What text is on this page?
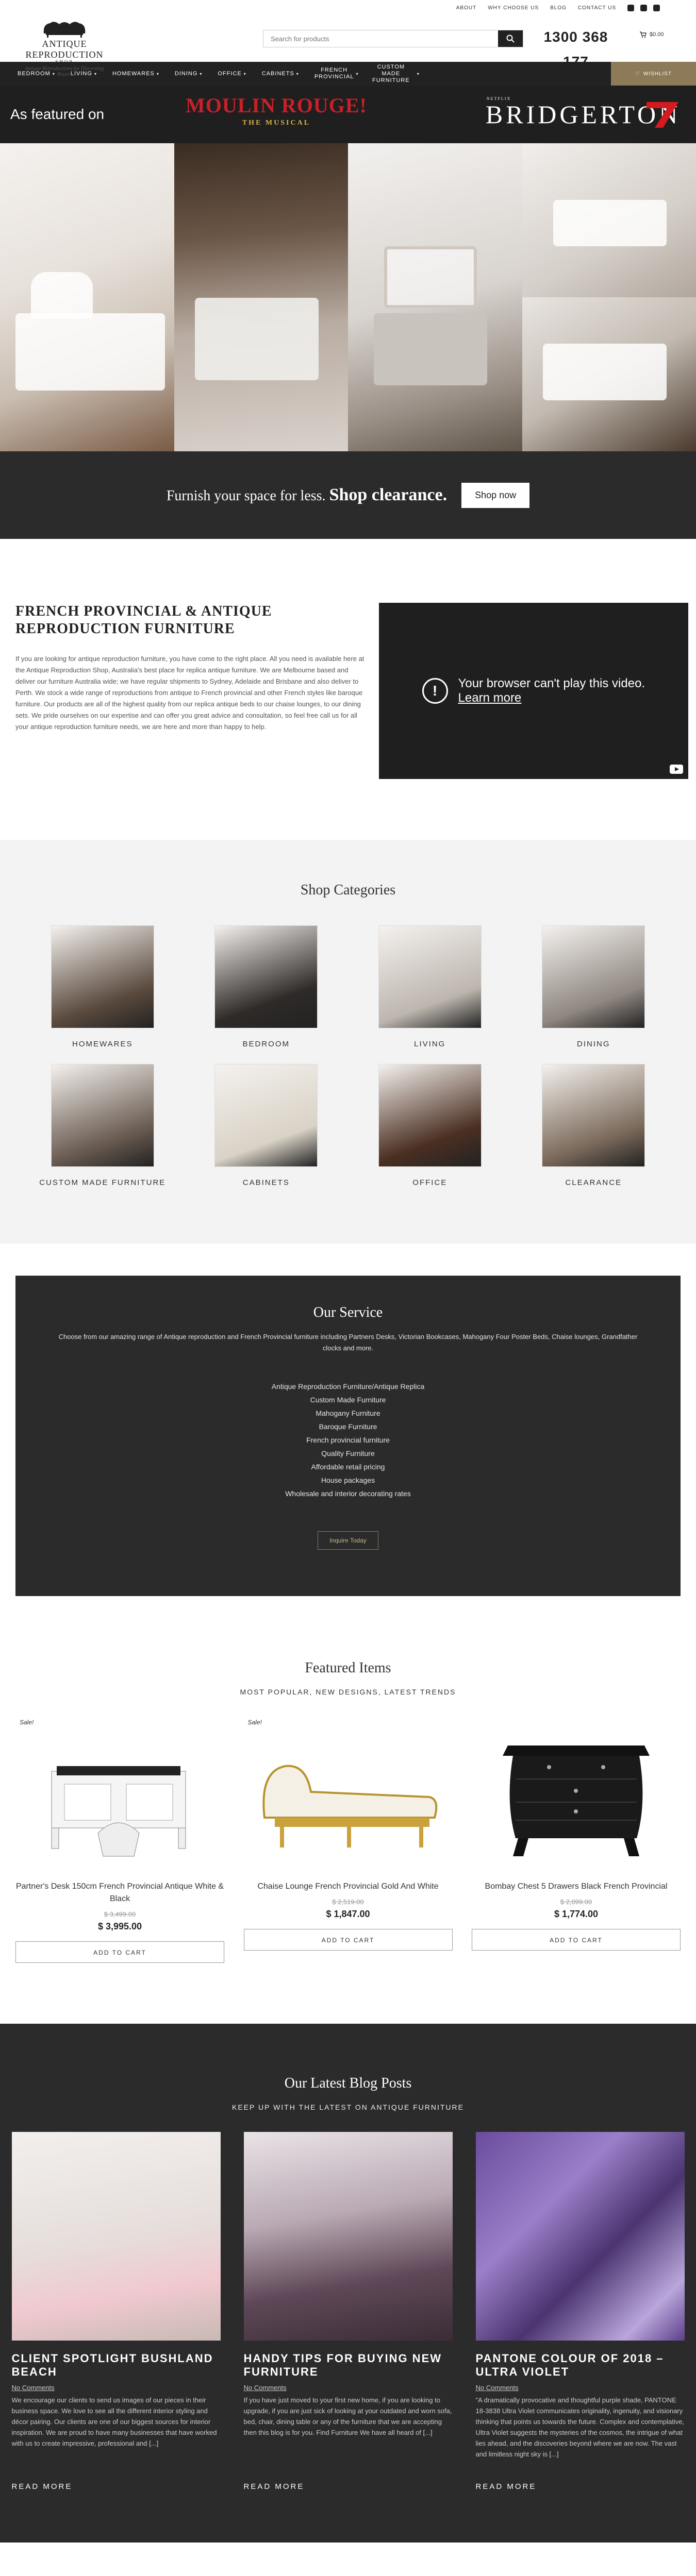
ABOUT WHY CHOOSE US BLOG CONTACT US
ANTIQUE REPRODUCTION
SHOP
Antique Reproductions for Discerning Buyers
Search for products
1300 368
177
$0.00
BEDROOM ▾	LIVING ▾	HOMEWARES ▾	DINING ▾	OFFICE ▾	CABINETS ▾
FRENCH PROVINCIAL ▾
CUSTOM MADE FURNITURE
▾	♡ WISHLIST
As featured on	MOULIN ROUGE!
THE MUSICAL
NETFLIX
BRIDGERTON
Furnish your space for less. Shop clearance.	Shop now
FRENCH PROVINCIAL & ANTIQUE REPRODUCTION FURNITURE

If you are looking for antique reproduction furniture, you have come to the right place. All you need is available here at the Antique Reproduction Shop, Australia's best place for replica antique furniture. We are Melbourne based and deliver our furniture Australia wide; we have regular shipments to Sydney, Adelaide and Brisbane and also deliver to Perth. We stock a wide range of reproductions from antique to French provincial and other French styles like baroque furniture. Our products are all of the highest quality from our replica antique beds to our chaise lounges, to our dining sets. We pride ourselves on our expertise and can offer you great advice and consultation, so feel free call us for all your antique reproduction furniture needs, we are here and more than happy to help.

!	Your browser can't play this video.
Learn more
Shop Categories
HOMEWARES	BEDROOM	LIVING	DINING
CUSTOM MADE FURNITURE	CABINETS	OFFICE	CLEARANCE
Our Service
Choose from our amazing range of Antique reproduction and French Provincial furniture including Partners Desks, Victorian Bookcases, Mahogany Four Poster Beds, Chaise lounges, Grandfather clocks and more.
Antique Reproduction Furniture/Antique Replica
Custom Made Furniture
Mahogany Furniture
Baroque Furniture
French provincial furniture
Quality Furniture
Affordable retail pricing
House packages
Wholesale and interior decorating rates
Inquire Today
Featured Items
MOST POPULAR, NEW DESIGNS, LATEST TRENDS
Sale!
Partner's Desk 150cm French Provincial Antique White & Black
$ 3,499.00
$ 3,995.00
ADD TO CART
Sale!
Chaise Lounge French Provincial Gold And White
$ 2,519.00
$ 1,847.00
ADD TO CART
Bombay Chest 5 Drawers Black French Provincial
$ 2,099.00
$ 1,774.00
ADD TO CART
Our Latest Blog Posts
KEEP UP WITH THE LATEST ON ANTIQUE FURNITURE
CLIENT SPOTLIGHT BUSHLAND BEACH
No Comments

We encourage our clients to send us images of our pieces in their business space. We love to see all the different interior styling and décor pairing. Our clients are one of our biggest sources for interior inspiration. We are proud to have many businesses that have worked with us to create impressive, professional and [...]

READ MORE
HANDY TIPS FOR BUYING NEW FURNITURE
No Comments

If you have just moved to your first new home, if you are looking to upgrade, if you are just sick of looking at your outdated and worn sofa, bed, chair, dining table or any of the furniture that we are accepting then this blog is for you. Find Furniture We have all heard of [...]

READ MORE
PANTONE COLOUR OF 2018 – ULTRA VIOLET
No Comments

"A dramatically provocative and thoughtful purple shade, PANTONE 18-3838 Ultra Violet communicates originality, ingenuity, and visionary thinking that points us towards the future. Complex and contemplative, Ultra Violet suggests the mysteries of the cosmos, the intrigue of what lies ahead, and the discoveries beyond where we are now. The vast and limitless night sky is [...]

READ MORE
